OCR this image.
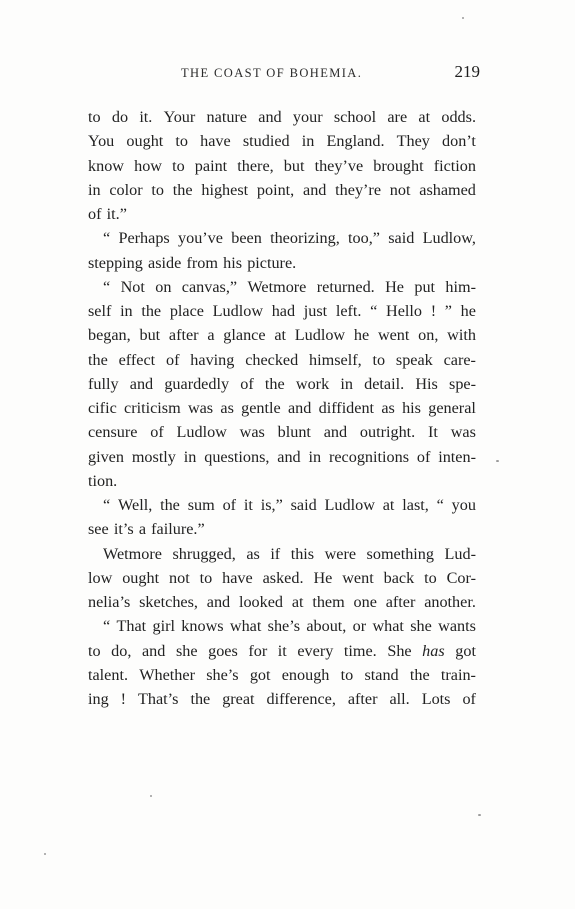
THE COAST OF BOHEMIA.	219
to do it. Your nature and your school are at odds.
You ought to have studied in England. They don’t
know how to paint there, but they’ve brought fiction
in color to the highest point, and they’re not ashamed
of it.”
“ Perhaps you’ve been theorizing, too,” said Ludlow,
stepping aside from his picture.
“ Not on canvas,” Wetmore returned. He put him-
self in the place Ludlow had just left. “ Hello ! ” he
began, but after a glance at Ludlow he went on, with
the effect of having checked himself, to speak care-
fully and guardedly of the work in detail. His spe-
cific criticism was as gentle and diffident as his general
censure of Ludlow was blunt and outright. It was
given mostly in questions, and in recognitions of inten-
tion.
“ Well, the sum of it is,” said Ludlow at last, “ you
see it’s a failure.”
Wetmore shrugged, as if this were something Lud-
low ought not to have asked. He went back to Cor-
nelia’s sketches, and looked at them one after another.
“ That girl knows what she’s about, or what she wants
to do, and she goes for it every time. She has got
talent. Whether she’s got enough to stand the train-
ing ! That’s the great difference, after all. Lots of
